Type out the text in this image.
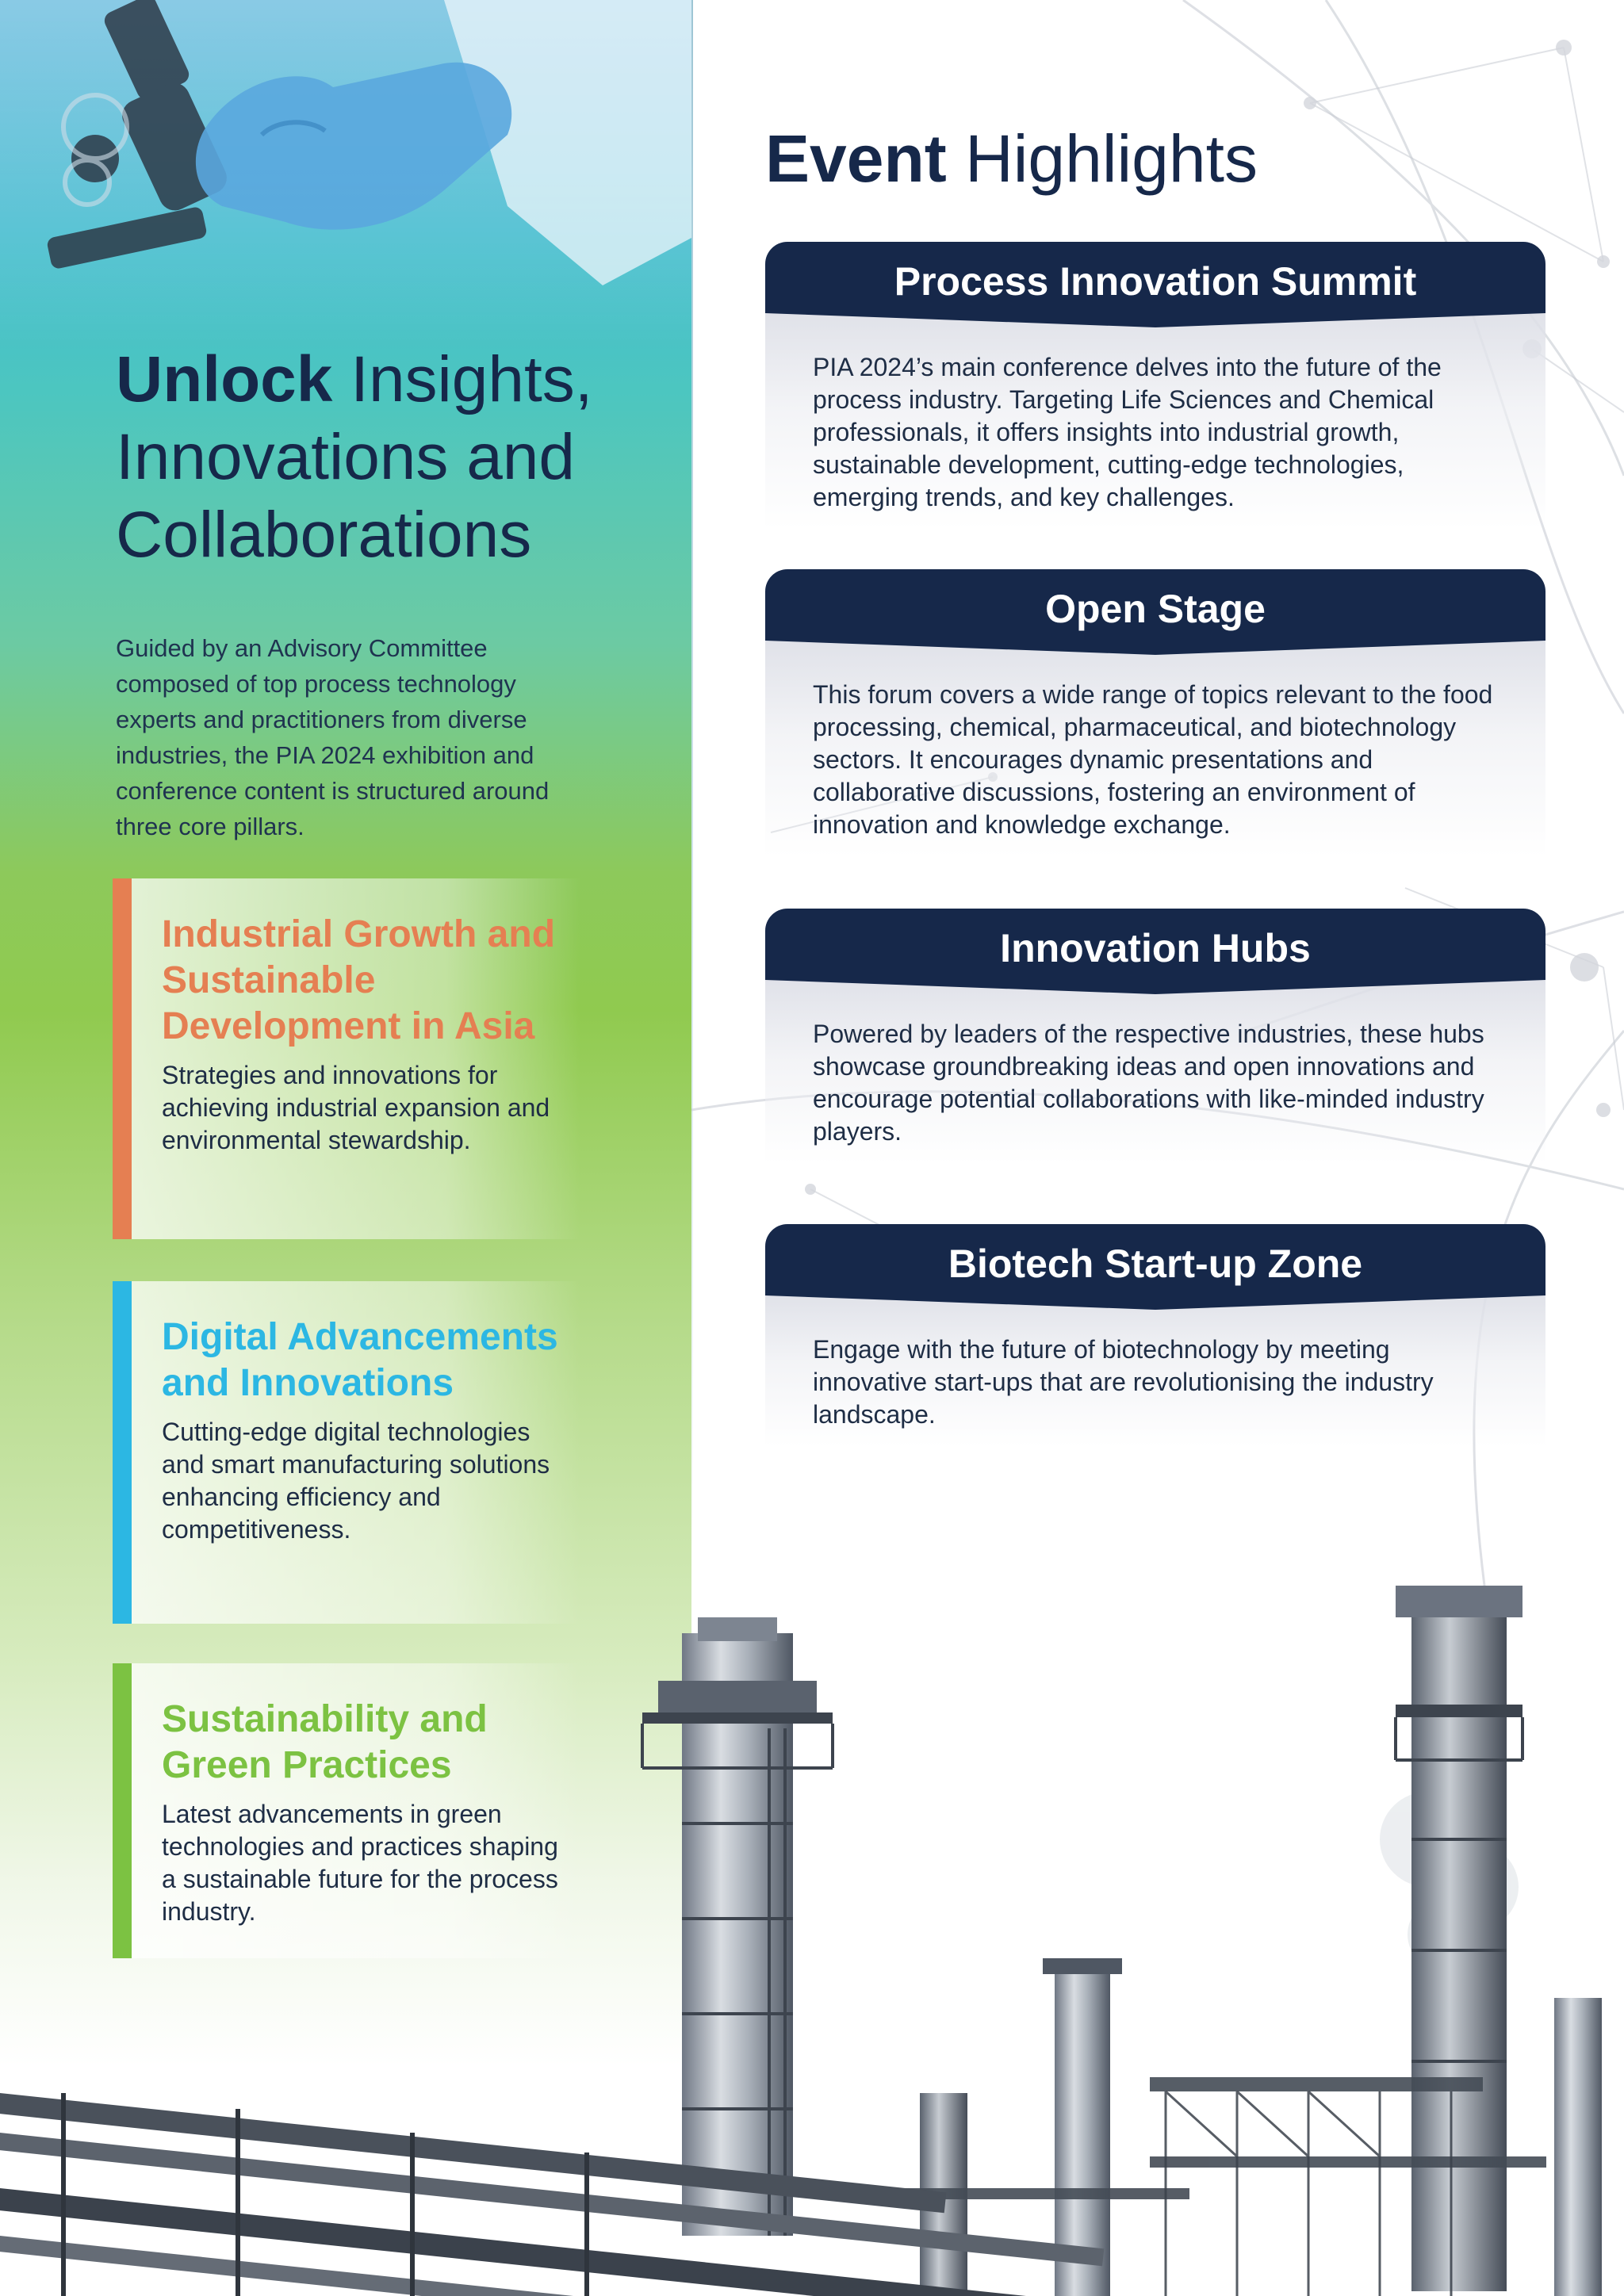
Unlock Insights, Innovations and Collaborations

Guided by an Advisory Committee composed of top process technology experts and practitioners from diverse industries, the PIA 2024 exhibition and conference content is structured around three core pillars.

Industrial Growth and Sustainable Development in Asia

Strategies and innovations for achieving industrial expansion and environmental stewardship.

Digital Advancements and Innovations

Cutting-edge digital technologies and smart manufacturing solutions enhancing efficiency and competitiveness.

Sustainability and Green Practices

Latest advancements in green technologies and practices shaping a sustainable future for the process industry.

Event Highlights
Process Innovation Summit
PIA 2024’s main conference delves into the future of the process industry. Targeting Life Sciences and Chemical professionals, it offers insights into industrial growth, sustainable development, cutting-edge technologies, emerging trends, and key challenges.
Open Stage
This forum covers a wide range of topics relevant to the food processing, chemical, pharmaceutical, and biotechnology sectors. It encourages dynamic presentations and collaborative discussions, fostering an environment of innovation and knowledge exchange.
Innovation Hubs
Powered by leaders of the respective industries, these hubs showcase groundbreaking ideas and open innovations and encourage potential collaborations with like-minded industry players.
Biotech Start-up Zone
Engage with the future of biotechnology by meeting innovative start-ups that are revolutionising the industry landscape.
